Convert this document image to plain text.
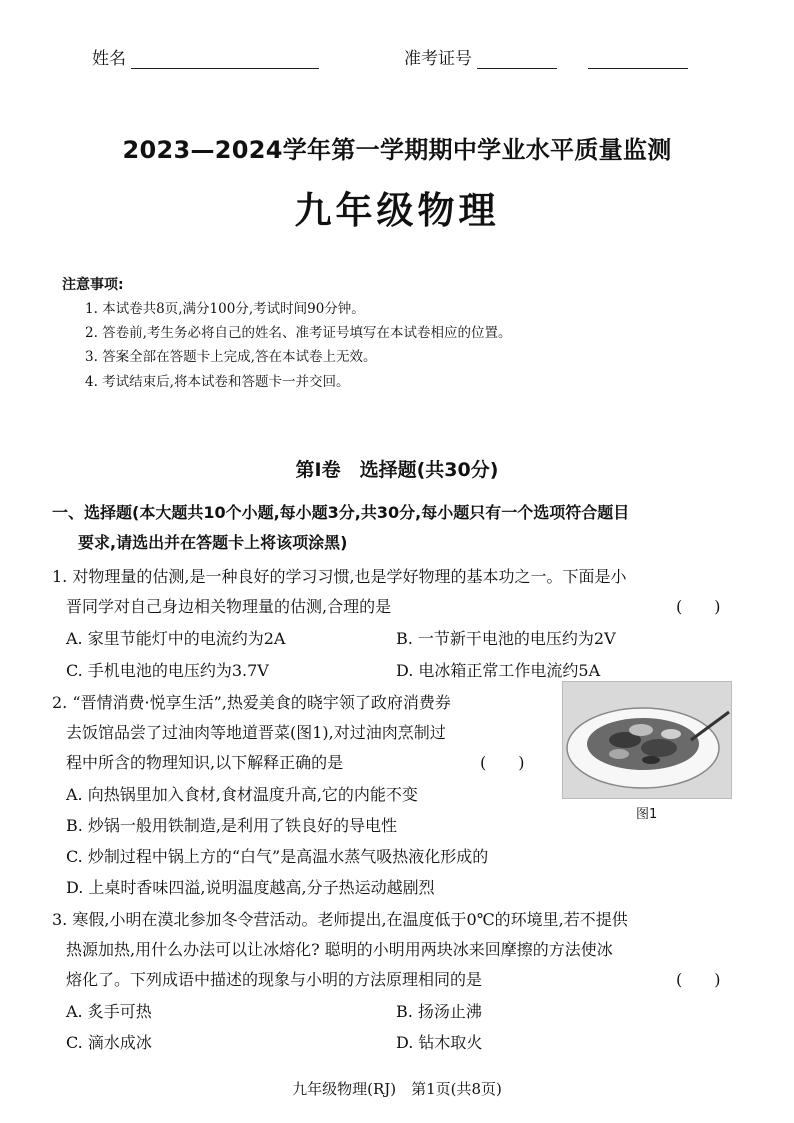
姓名	准考证号
2023—2024学年第一学期期中学业水平质量监测
九年级物理
注意事项:
1. 本试卷共8页,满分100分,考试时间90分钟。
2. 答卷前,考生务必将自己的姓名、准考证号填写在本试卷相应的位置。
3. 答案全部在答题卡上完成,答在本试卷上无效。
4. 考试结束后,将本试卷和答题卡一并交回。
第Ⅰ卷　选择题(共30分)
一、选择题(本大题共10个小题,每小题3分,共30分,每小题只有一个选项符合题目
要求,请选出并在答题卡上将该项涂黑)
1. 对物理量的估测,是一种良好的学习习惯,也是学好物理的基本功之一。下面是小
晋同学对自己身边相关物理量的估测,合理的是	(　　)
A. 家里节能灯中的电流约为2A	B. 一节新干电池的电压约为2V
C. 手机电池的电压约为3.7V	D. 电冰箱正常工作电流约5A
2. “晋情消费·悦享生活”,热爱美食的晓宇领了政府消费券
去饭馆品尝了过油肉等地道晋菜(图1),对过油肉烹制过
程中所含的物理知识,以下解释正确的是	(　　)
A. 向热锅里加入食材,食材温度升高,它的内能不变
B. 炒锅一般用铁制造,是利用了铁良好的导电性
C. 炒制过程中锅上方的“白气”是高温水蒸气吸热液化形成的
D. 上桌时香味四溢,说明温度越高,分子热运动越剧烈
图1
3. 寒假,小明在漠北参加冬令营活动。老师提出,在温度低于0℃的环境里,若不提供
热源加热,用什么办法可以让冰熔化? 聪明的小明用两块冰来回摩擦的方法使冰
熔化了。下列成语中描述的现象与小明的方法原理相同的是	(　　)
A. 炙手可热	B. 扬汤止沸
C. 滴水成冰	D. 钻木取火
九年级物理(RJ)　第1页(共8页)
